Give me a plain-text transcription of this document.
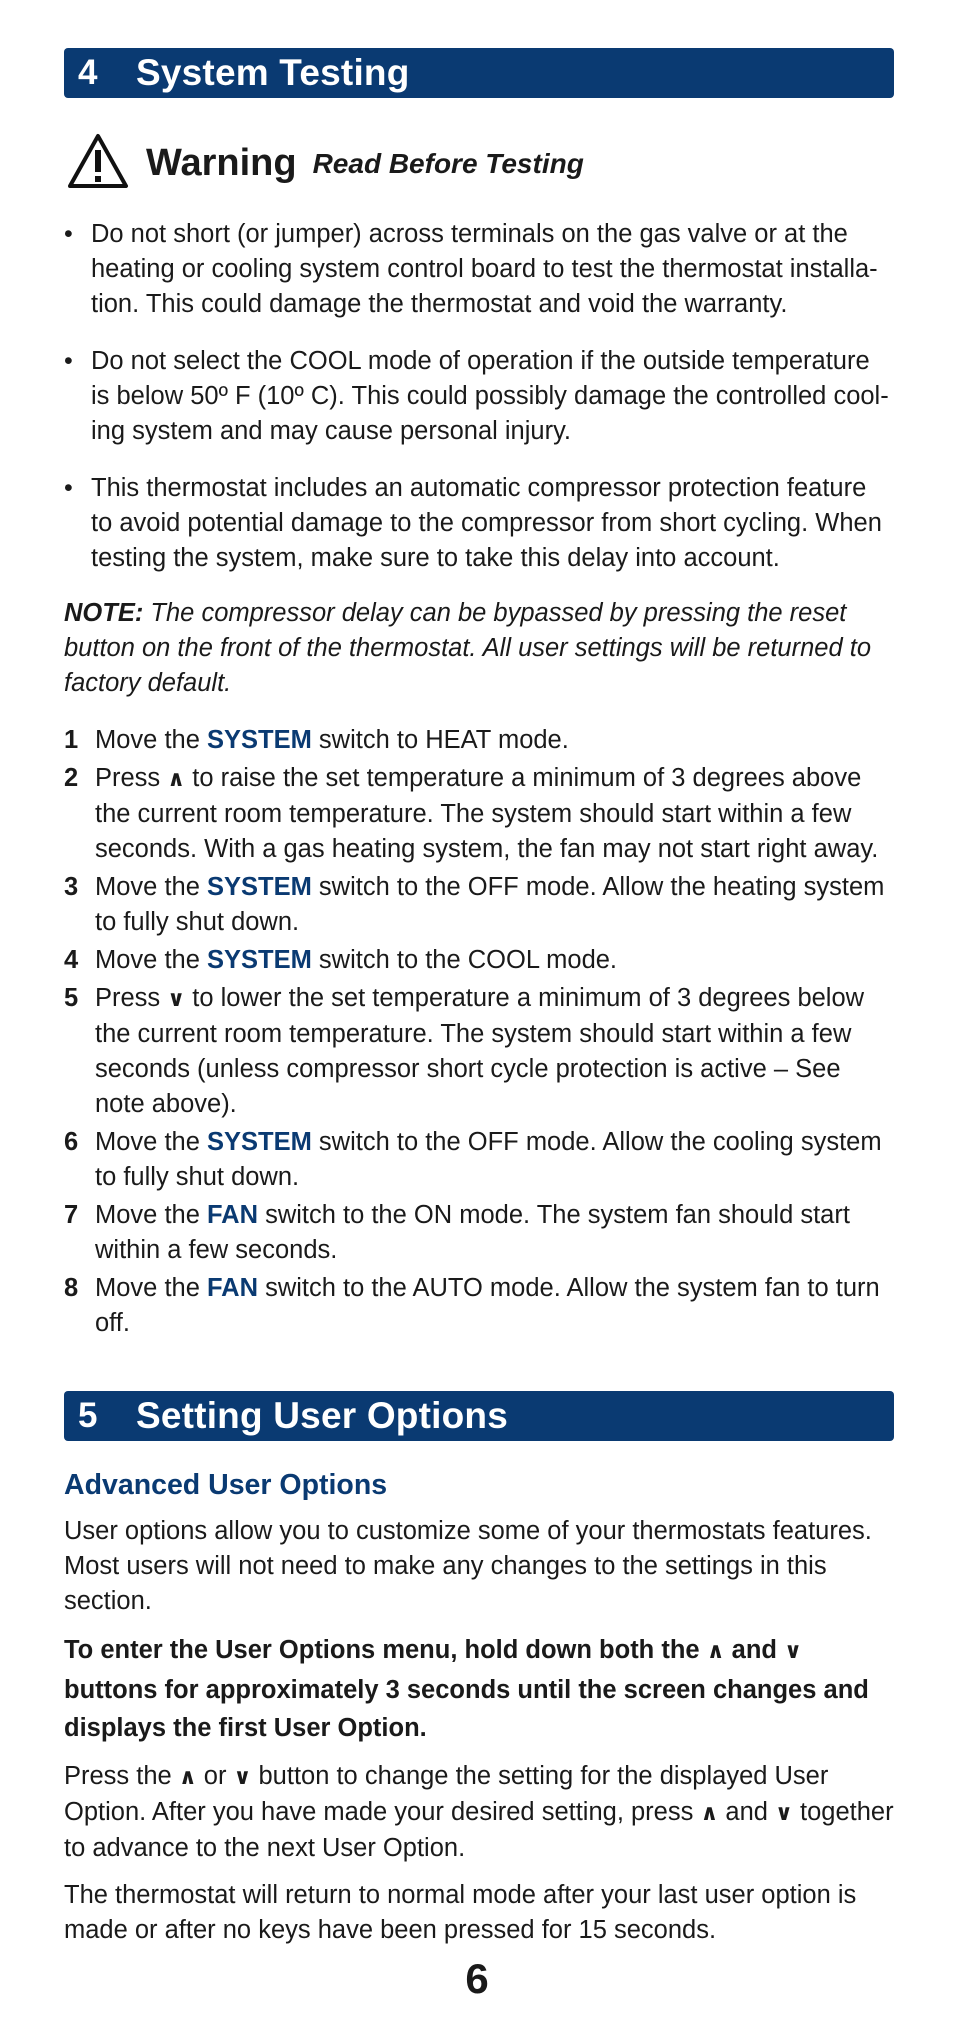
4	System Testing
Warning Read Before Testing
• Do not short (or jumper) across terminals on the gas valve or at the heating or cooling system control board to test the thermostat installa-tion. This could damage the thermostat and void the warranty.
• Do not select the COOL mode of operation if the outside temperature is below 50º F (10º C). This could possibly damage the controlled cool-ing system and may cause personal injury.
• This thermostat includes an automatic compressor protection feature to avoid potential damage to the compressor from short cycling. When testing the system, make sure to take this delay into account.
NOTE: The compressor delay can be bypassed by pressing the reset button on the front of the thermostat. All user settings will be returned to factory default.
1 Move the SYSTEM switch to HEAT mode.
2 Press ∧ to raise the set temperature a minimum of 3 degrees above the current room temperature. The system should start within a few seconds. With a gas heating system, the fan may not start right away.
3 Move the SYSTEM switch to the OFF mode. Allow the heating system to fully shut down.
4 Move the SYSTEM switch to the COOL mode.
5 Press ∨ to lower the set temperature a minimum of 3 degrees below the current room temperature. The system should start within a few seconds (unless compressor short cycle protection is active – See note above).
6 Move the SYSTEM switch to the OFF mode. Allow the cooling system to fully shut down.
7 Move the FAN switch to the ON mode. The system fan should start within a few seconds.
8 Move the FAN switch to the AUTO mode. Allow the system fan to turn off.
5	Setting User Options
Advanced User Options
User options allow you to customize some of your thermostats features. Most users will not need to make any changes to the settings in this section.
To enter the User Options menu, hold down both the ∧ and ∨ buttons for approximately 3 seconds until the screen changes and displays the first User Option.
Press the ∧ or ∨ button to change the setting for the displayed User Option. After you have made your desired setting, press ∧ and ∨ together to advance to the next User Option.
The thermostat will return to normal mode after your last user option is made or after no keys have been pressed for 15 seconds.
6
